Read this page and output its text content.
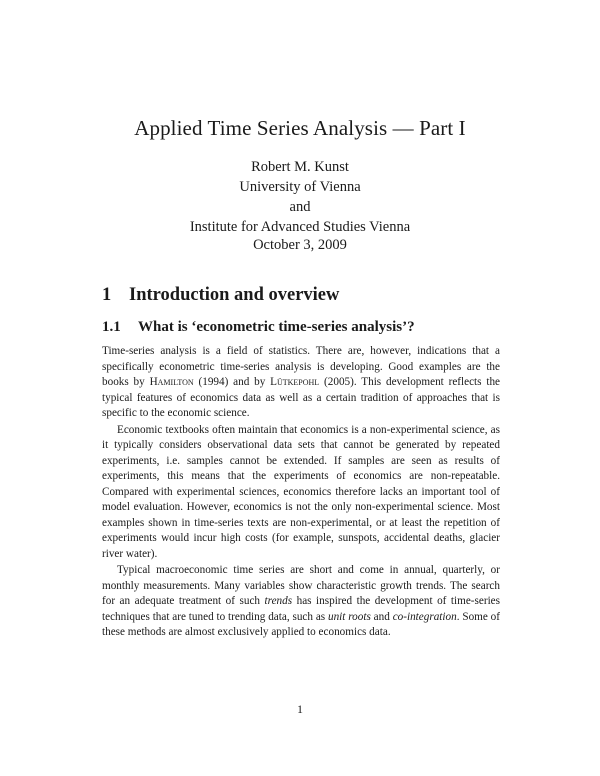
Applied Time Series Analysis — Part I
Robert M. Kunst
University of Vienna
and
Institute for Advanced Studies Vienna
October 3, 2009
1 Introduction and overview
1.1 What is ‘econometric time-series analysis’?

Time-series analysis is a field of statistics. There are, however, indications that a specifically econometric time-series analysis is developing. Good examples are the books by Hamilton (1994) and by Lütkepohl (2005). This development reflects the typical features of economics data as well as a certain tradition of approaches that is specific to the economic science.

Economic textbooks often maintain that economics is a non-experimental science, as it typically considers observational data sets that cannot be generated by repeated experiments, i.e. samples cannot be extended. If samples are seen as results of experiments, this means that the experiments of economics are non-repeatable. Compared with experimental sciences, economics therefore lacks an important tool of model evaluation. However, economics is not the only non-experimental science. Most examples shown in time-series texts are non-experimental, or at least the repetition of experiments would incur high costs (for example, sunspots, accidental deaths, glacier river water).

Typical macroeconomic time series are short and come in annual, quarterly, or monthly measurements. Many variables show characteristic growth trends. The search for an adequate treatment of such trends has inspired the development of time-series techniques that are tuned to trending data, such as unit roots and co-integration. Some of these methods are almost exclusively applied to economics data.

1
